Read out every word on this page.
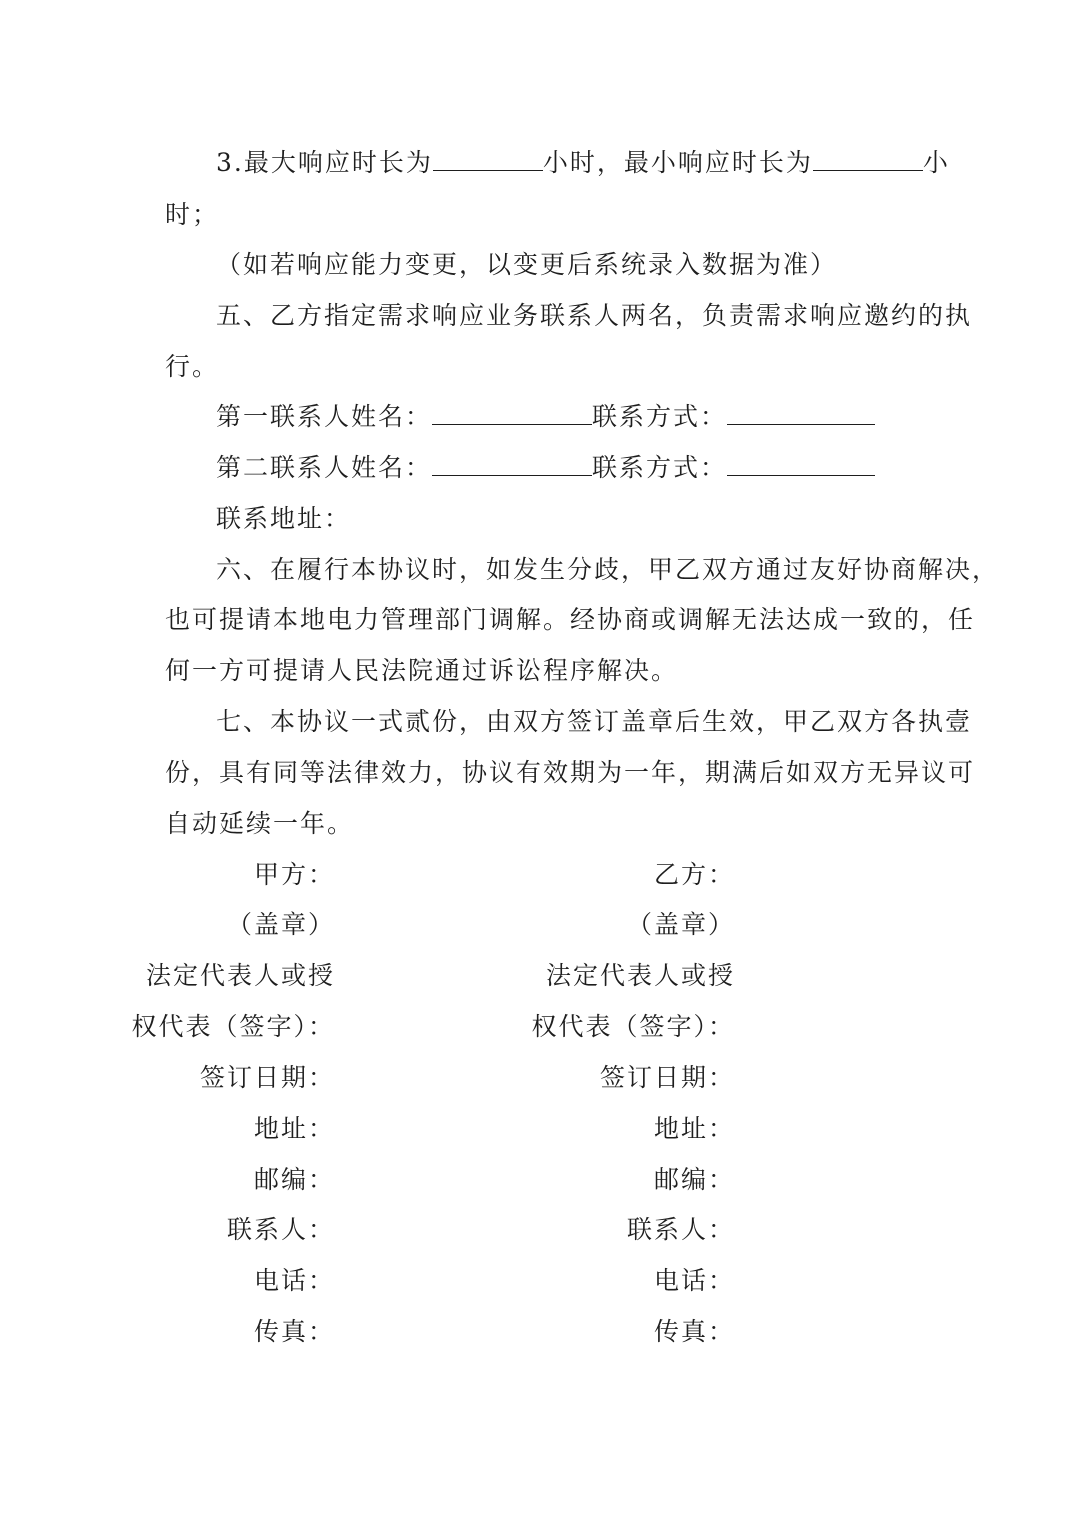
3.最大响应时长为	小时，最小响应时长为	小
时；
（如若响应能力变更，以变更后系统录入数据为准）
五、乙方指定需求响应业务联系人两名，负责需求响应邀约的执
行。
第一联系人姓名：	联系方式：
第二联系人姓名：	联系方式：
联系地址：
六、在履行本协议时，如发生分歧，甲乙双方通过友好协商解决，
也可提请本地电力管理部门调解。经协商或调解无法达成一致的，任
何一方可提请人民法院通过诉讼程序解决。
七、本协议一式贰份，由双方签订盖章后生效，甲乙双方各执壹
份，具有同等法律效力，协议有效期为一年，期满后如双方无异议可
自动延续一年。
甲方：
（盖章）
法定代表人或授
权代表（签字）：
签订日期：
地址：
邮编：
联系人：
电话：
传真：
乙方：
（盖章）
法定代表人或授
权代表（签字）：
签订日期：
地址：
邮编：
联系人：
电话：
传真：
